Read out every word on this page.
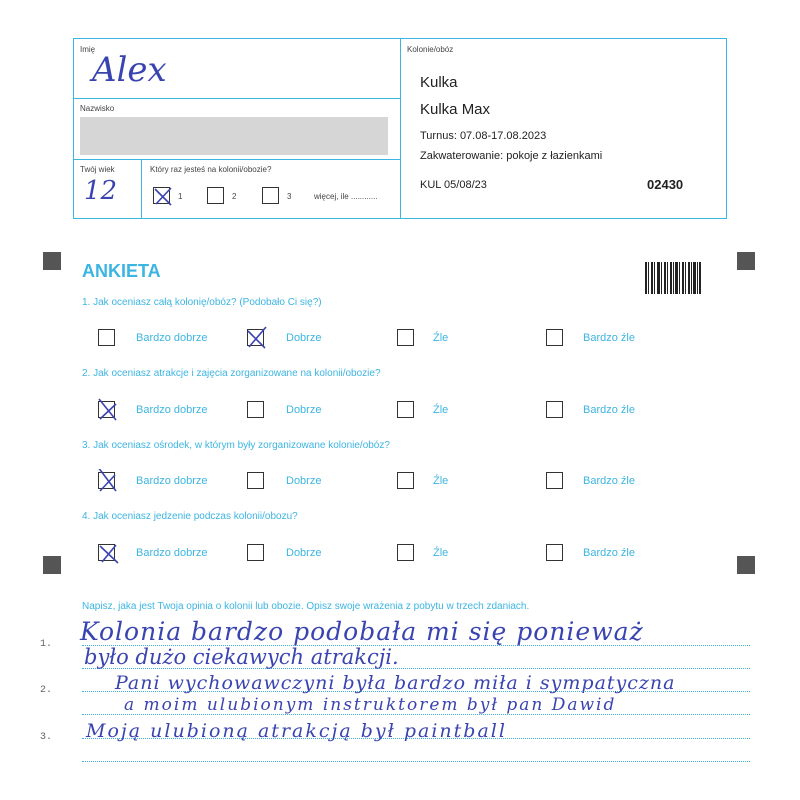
Imię
Alex
Nazwisko
Twój wiek
12
Który raz jesteś na kolonii/obozie?
1	2	3	więcej, ile ............
Kolonie/obóz
Kulka
Kulka Max
Turnus: 07.08-17.08.2023
Zakwaterowanie: pokoje z łazienkami
KUL 05/08/23	02430
ANKIETA
1. Jak oceniasz całą kolonię/obóz? (Podobało Ci się?)
Bardzo dobrze	Dobrze	Źle	Bardzo źle
2. Jak oceniasz atrakcje i zajęcia zorganizowane na kolonii/obozie?
Bardzo dobrze	Dobrze	Źle	Bardzo źle
3. Jak oceniasz ośrodek, w którym były zorganizowane kolonie/obóz?
Bardzo dobrze	Dobrze	Źle	Bardzo źle
4. Jak oceniasz jedzenie podczas kolonii/obozu?
Bardzo dobrze	Dobrze	Źle	Bardzo źle
Napisz, jaka jest Twoja opinia o kolonii lub obozie. Opisz swoje wrażenia z pobytu w trzech zdaniach.
1.
2.
3.
Kolonia bardzo podobała mi się ponieważ
było dużo ciekawych atrakcji.
Pani wychowawczyni była bardzo miła i sympatyczna
a moim ulubionym instruktorem był pan Dawid
Moją ulubioną atrakcją był paintball
